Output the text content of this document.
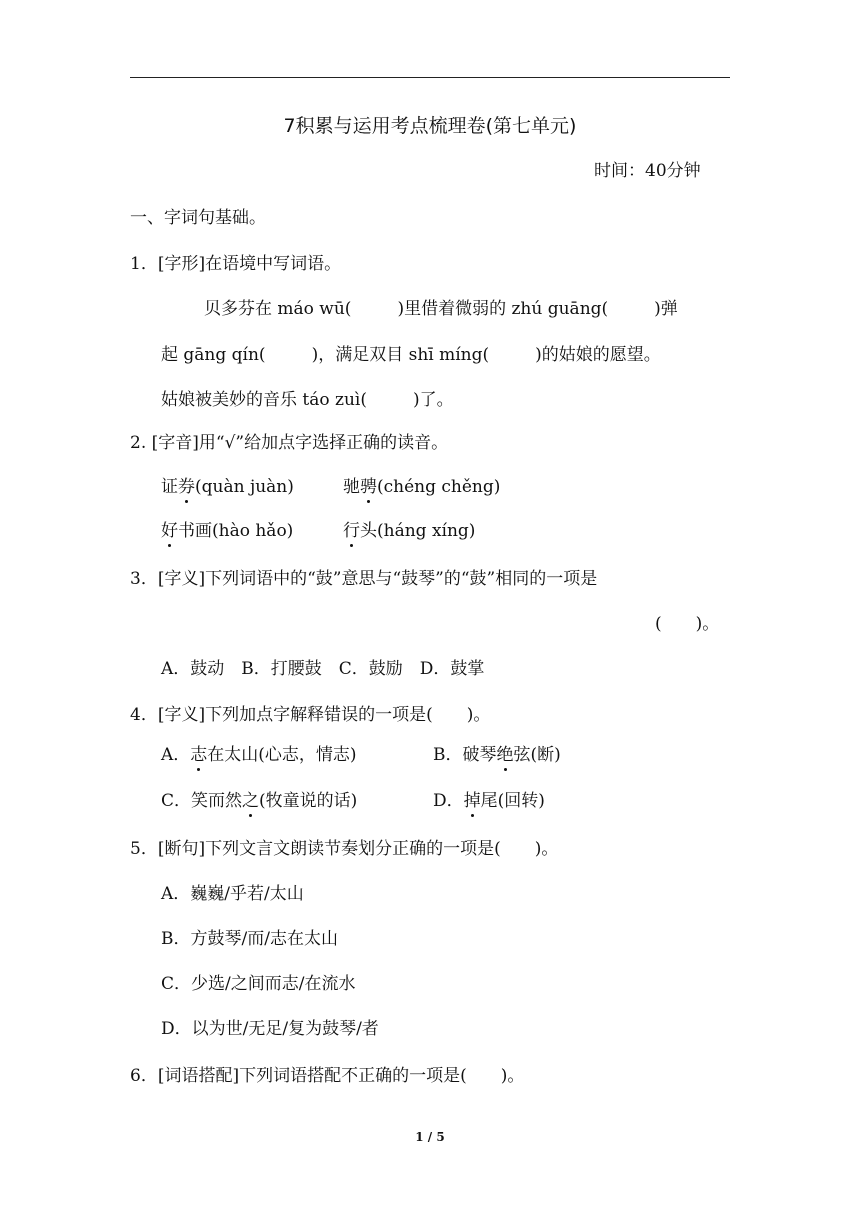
7积累与运用考点梳理卷(第七单元)
时间：40分钟
一、字词句基础。
1．[字形]在语境中写词语。
贝多芬在 máo wū(	)里借着微弱的 zhú guāng(	)弹
起 gāng qín(	)，满足双目 shī míng(	)的姑娘的愿望。
姑娘被美妙的音乐 táo zuì(	)了。
2. [字音]用“√”给加点字选择正确的读音。
证券(quàn juàn)	驰骋(chéng chěng)
好书画(hào hǎo)	行头(háng xíng)
3．[字义]下列词语中的“鼓”意思与“鼓琴”的“鼓”相同的一项是
(　　)。
A．鼓动　B．打腰鼓　C．鼓励　D．鼓掌
4．[字义]下列加点字解释错误的一项是(　　)。
A．志在太山(心志，情志)	B．破琴绝弦(断)
C．笑而然之(牧童说的话)	D．掉尾(回转)
5．[断句]下列文言文朗读节奏划分正确的一项是(　　)。
A．巍巍/乎若/太山
B．方鼓琴/而/志在太山
C．少选/之间而志/在流水
D．以为世/无足/复为鼓琴/者
6．[词语搭配]下列词语搭配不正确的一项是(　　)。
1 / 5
